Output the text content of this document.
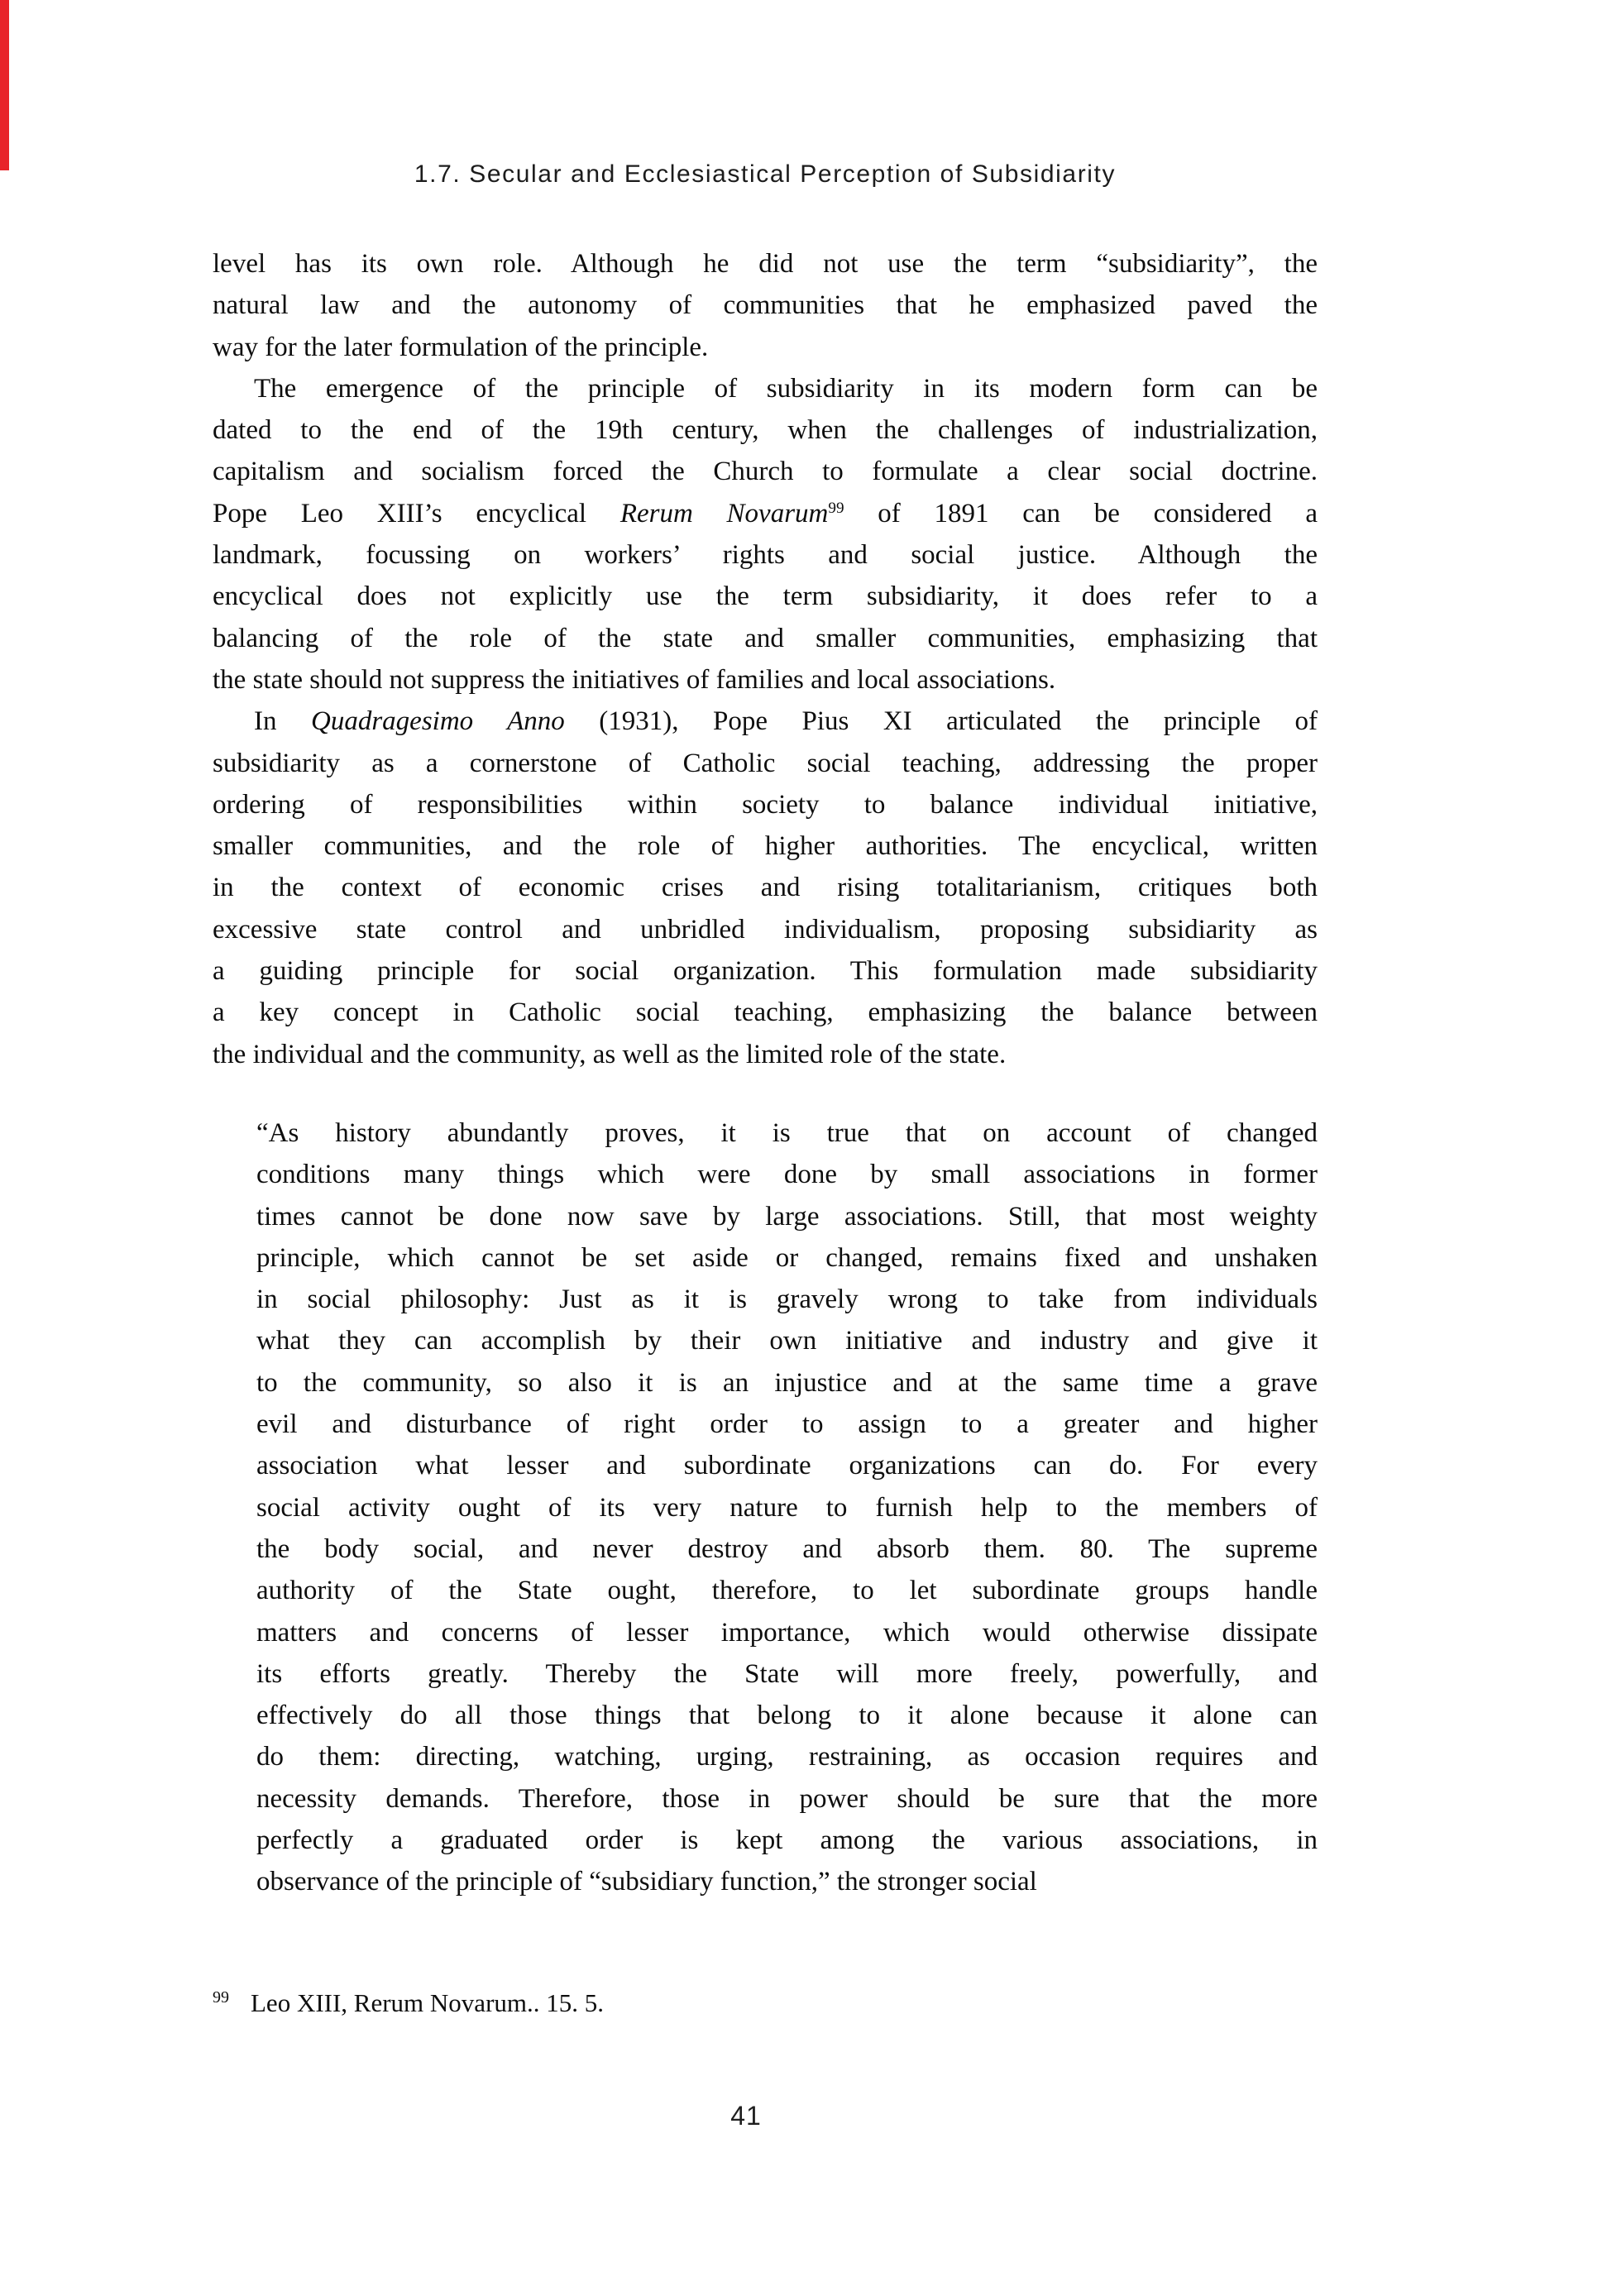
1.7. Secular and Ecclesiastical Perception of Subsidiarity
level has its own role. Although he did not use the term “subsidiarity”, the
natural law and the autonomy of communities that he emphasized paved the
way for the later formulation of the principle.
The emergence of the principle of subsidiarity in its modern form can be
dated to the end of the 19th century, when the challenges of industrialization,
capitalism and socialism forced the Church to formulate a clear social doctrine.
Pope Leo XIII’s encyclical Rerum Novarum$^{99}$ of 1891 can be considered a
landmark, focussing on workers’ rights and social justice. Although the
encyclical does not explicitly use the term subsidiarity, it does refer to a
balancing of the role of the state and smaller communities, emphasizing that
the state should not suppress the initiatives of families and local associations.
In Quadragesimo Anno (1931), Pope Pius XI articulated the principle of
subsidiarity as a cornerstone of Catholic social teaching, addressing the proper
ordering of responsibilities within society to balance individual initiative,
smaller communities, and the role of higher authorities. The encyclical, written
in the context of economic crises and rising totalitarianism, critiques both
excessive state control and unbridled individualism, proposing subsidiarity as
a guiding principle for social organization. This formulation made subsidiarity
a key concept in Catholic social teaching, emphasizing the balance between
the individual and the community, as well as the limited role of the state.
“As history abundantly proves, it is true that on account of changed
conditions many things which were done by small associations in former
times cannot be done now save by large associations. Still, that most weighty
principle, which cannot be set aside or changed, remains fixed and unshaken
in social philosophy: Just as it is gravely wrong to take from individuals
what they can accomplish by their own initiative and industry and give it
to the community, so also it is an injustice and at the same time a grave
evil and disturbance of right order to assign to a greater and higher
association what lesser and subordinate organizations can do. For every
social activity ought of its very nature to furnish help to the members of
the body social, and never destroy and absorb them. 80. The supreme
authority of the State ought, therefore, to let subordinate groups handle
matters and concerns of lesser importance, which would otherwise dissipate
its efforts greatly. Thereby the State will more freely, powerfully, and
effectively do all those things that belong to it alone because it alone can
do them: directing, watching, urging, restraining, as occasion requires and
necessity demands. Therefore, those in power should be sure that the more
perfectly a graduated order is kept among the various associations, in
observance of the principle of “subsidiary function,” the stronger social
$^{99}$ Leo XIII, Rerum Novarum.. 15. 5.
41
